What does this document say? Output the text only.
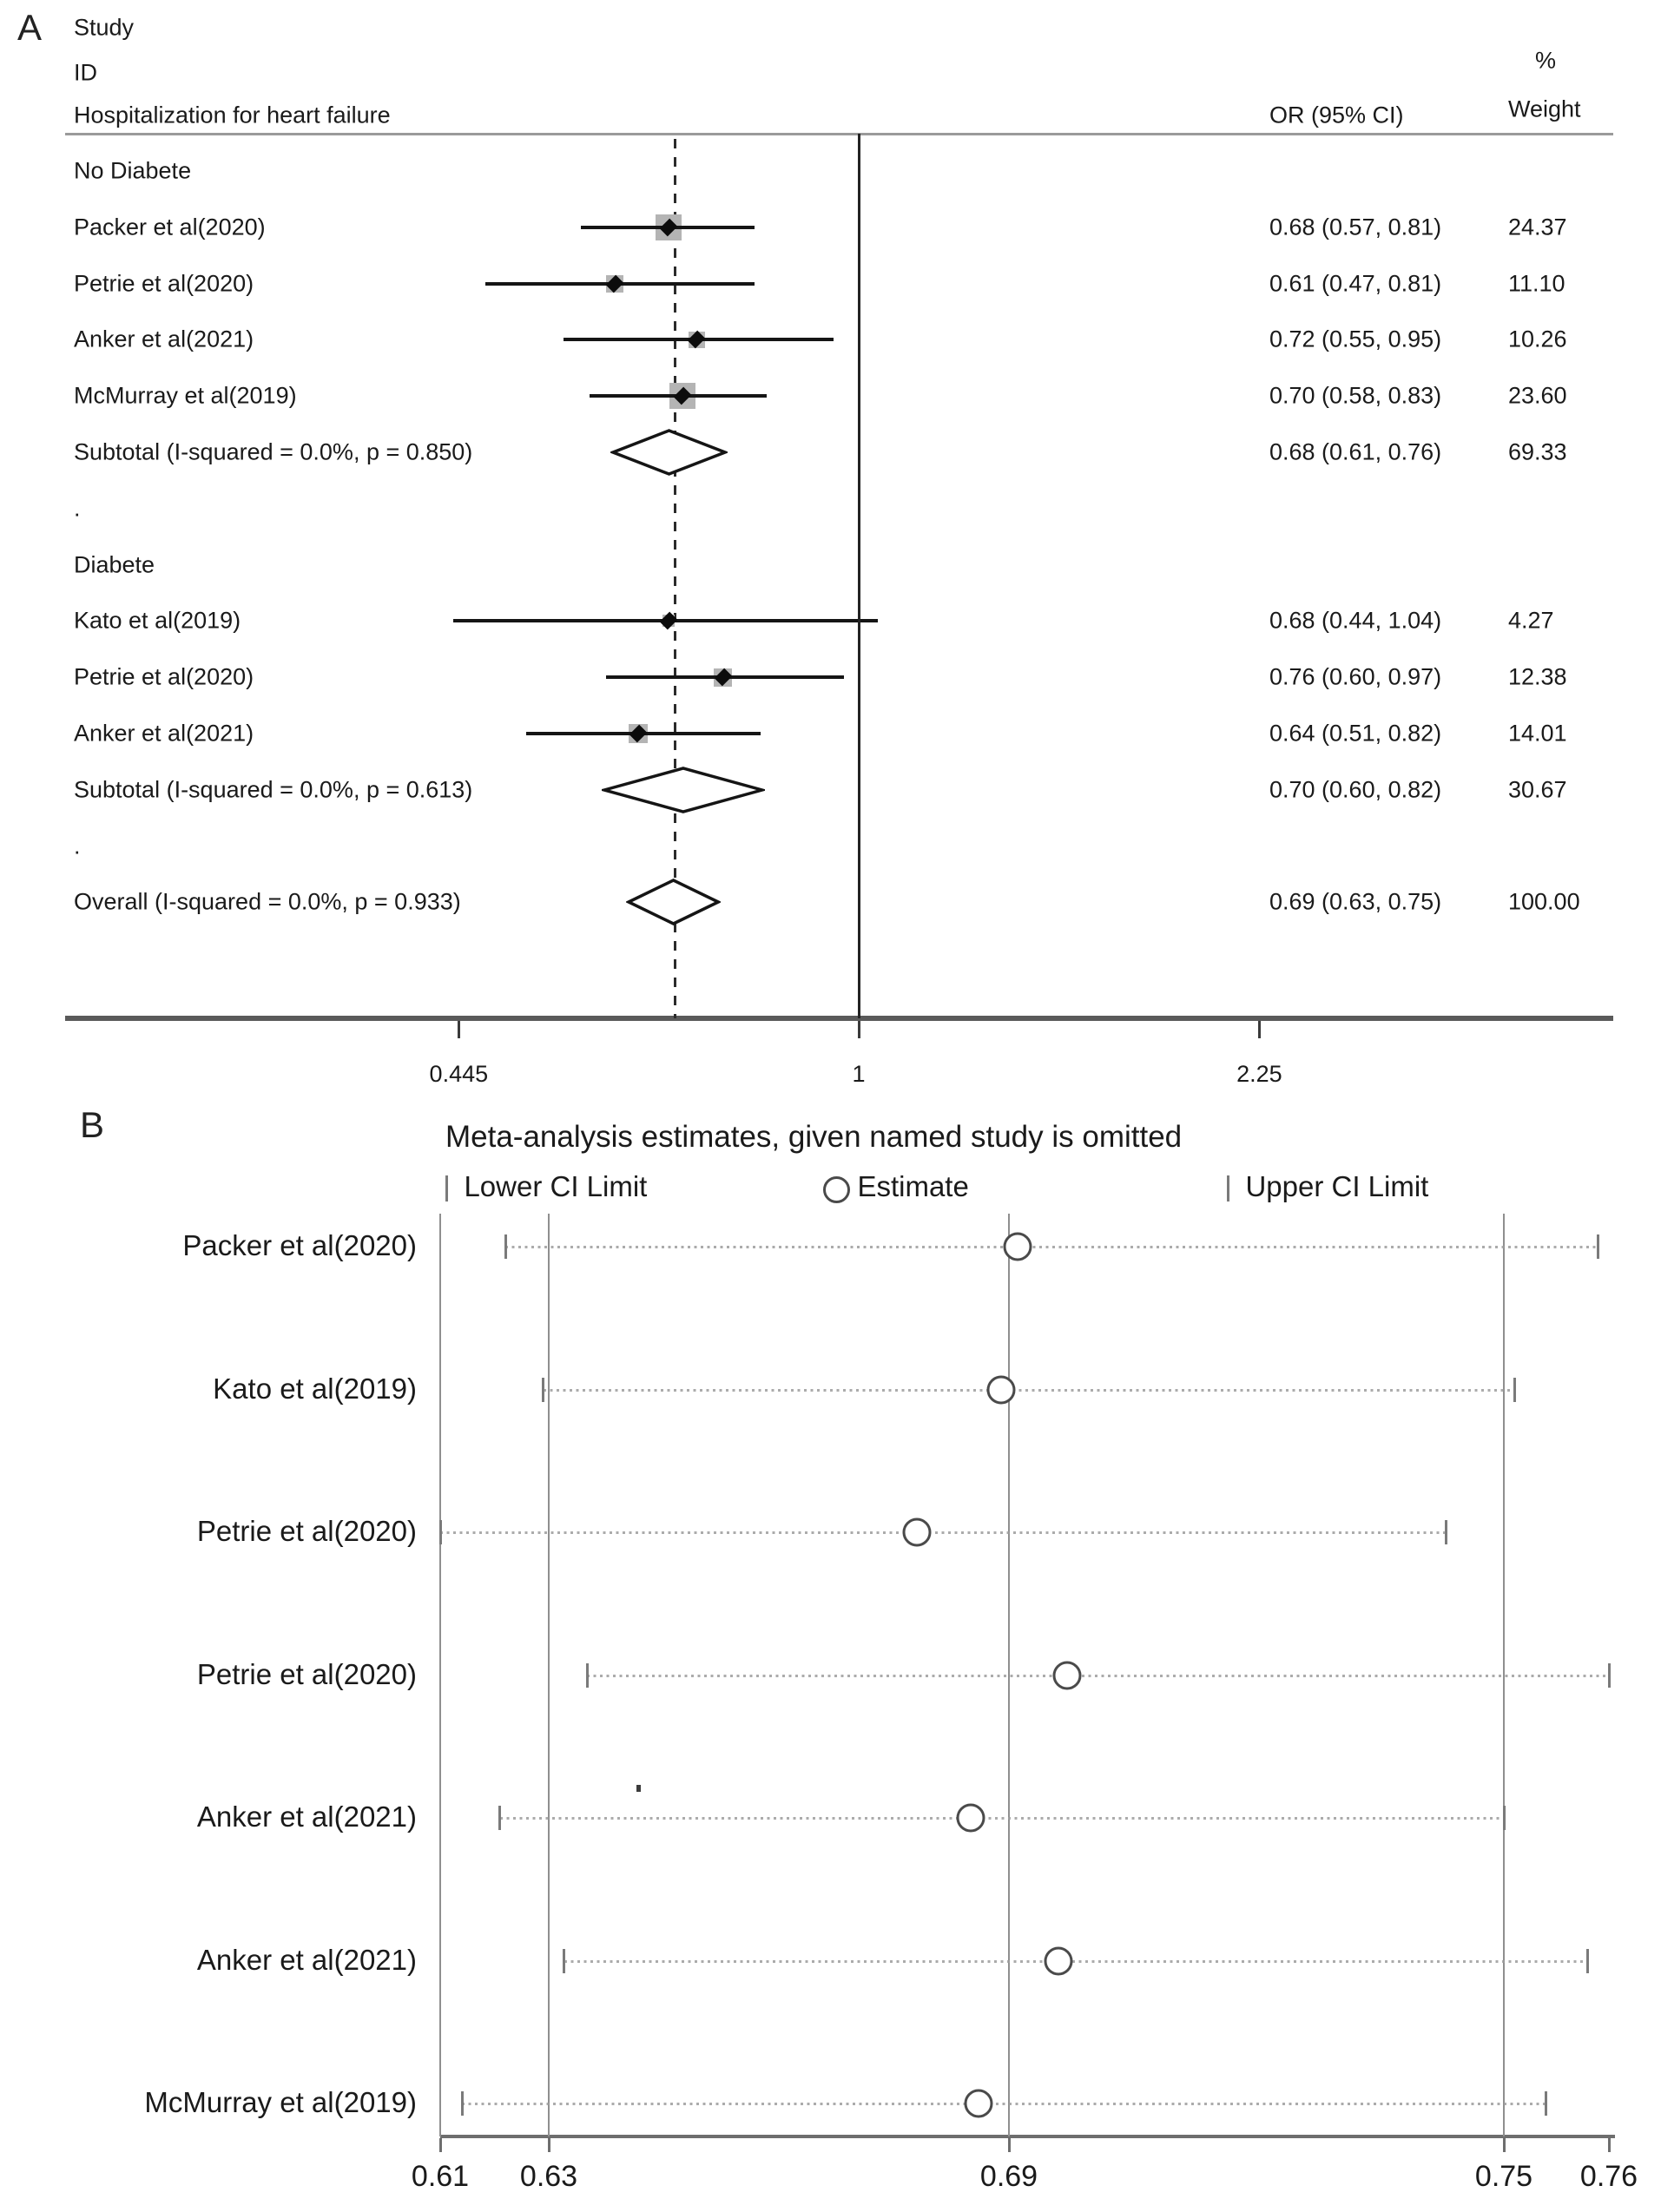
A Study
ID
Hospitalization for heart failure	OR (95% CI)
%
Weight
No Diabete
Packer et al(2020)	0.68 (0.57, 0.81)	24.37
Petrie et al(2020)	0.61 (0.47, 0.81)	11.10
Anker et al(2021)	0.72 (0.55, 0.95)	10.26
McMurray et al(2019)	0.70 (0.58, 0.83)	23.60
Subtotal (I-squared = 0.0%, p = 0.850)	0.68 (0.61, 0.76)	69.33
.
Diabete
Kato et al(2019)	0.68 (0.44, 1.04)	4.27
Petrie et al(2020)	0.76 (0.60, 0.97)	12.38
Anker et al(2021)	0.64 (0.51, 0.82)	14.01
Subtotal (I-squared = 0.0%, p = 0.613)	0.70 (0.60, 0.82)	30.67
.
Overall (I-squared = 0.0%, p = 0.933)	0.69 (0.63, 0.75)	100.00
0.445	1	2.25
B	Meta-analysis estimates, given named study is omitted
Lower CI Limit	Estimate	Upper CI Limit
Packer et al(2020)
Kato et al(2019)
Petrie et al(2020)
Petrie et al(2020)
Anker et al(2021)
Anker et al(2021)
McMurray et al(2019)
0.61 0.63	0.69	0.75 0.76
